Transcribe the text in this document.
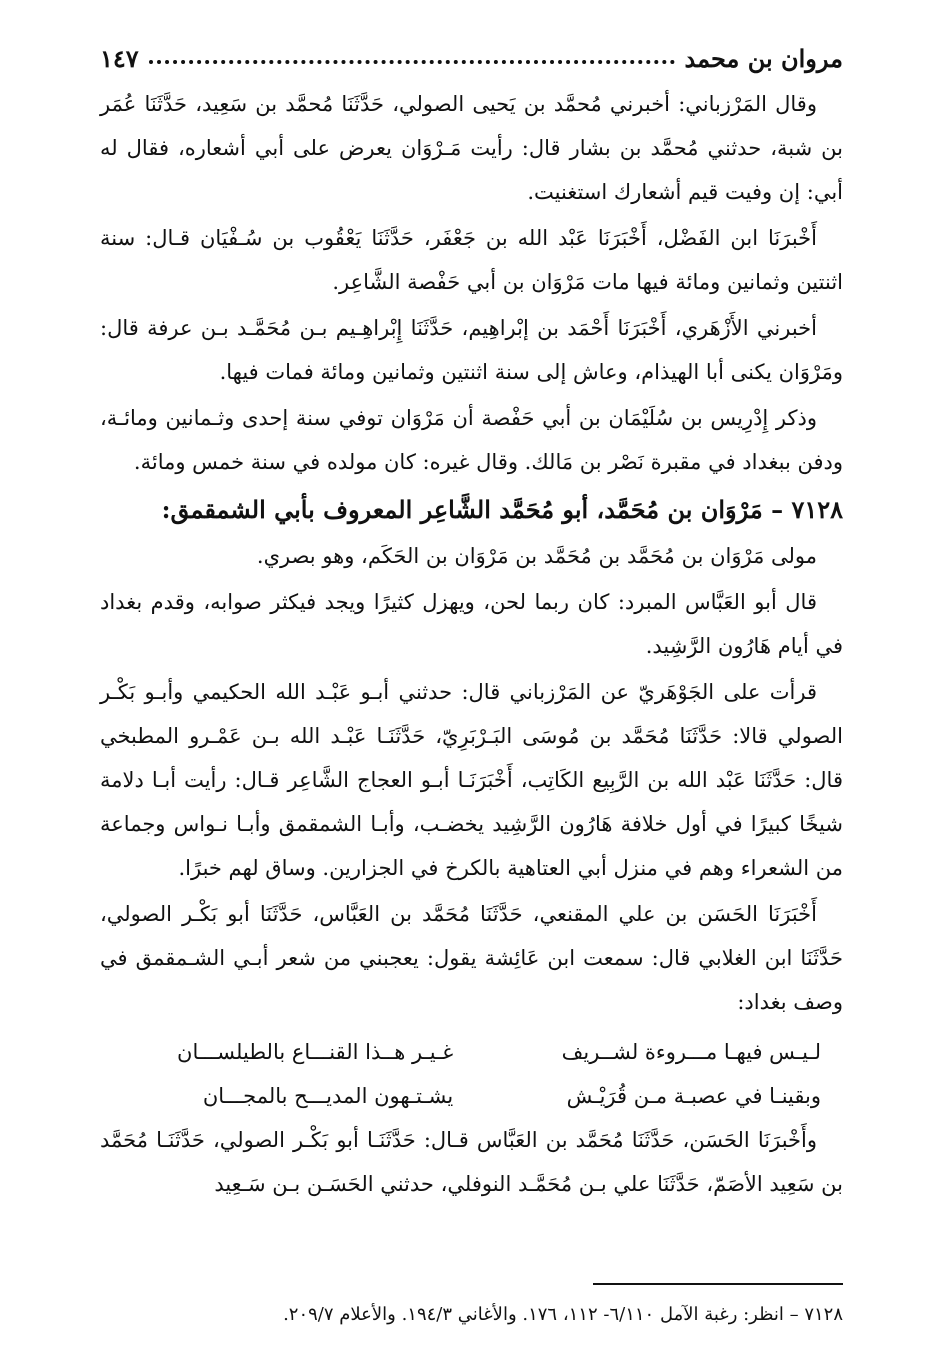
مروان بن محمد
١٤٧

وقال المَرْزباني: أخبرني مُحمَّد بن يَحيى الصولي، حَدَّثَنَا مُحمَّد بن سَعِيد، حَدَّثَنَا عُمَر بن شبة، حدثني مُحمَّد بن بشار قال: رأيت مَـرْوَان يعرض على أبي أشعاره، فقال له أبي: إن وفيت قيم أشعارك استغنيت.

أَخْبرَنَا ابن الفَضْل، أَخْبَرَنَا عَبْد الله بن جَعْفَر، حَدَّثَنَا يَعْقُوب بن سُـفْيَان قـال: سنة اثنتين وثمانين ومائة فيها مات مَرْوَان بن أبي حَفْصة الشَّاعِر.

أخبرني الأَزْهَري، أَخْبَرَنَا أَحْمَد بن إبْراهِيم، حَدَّثَنَا إِبْراهِـيم بـن مُحَمَّـد بـن عرفة قال: ومَرْوَان يكنى أبا الهيذام، وعاش إلى سنة اثنتين وثمانين ومائة فمات فيها.

وذكر إِدْرِيس بن سُلَيْمَان بن أبي حَفْصة أن مَرْوَان توفي سنة إحدى وثـمانين ومائـة، ودفن ببغداد في مقبرة نَصْر بن مَالك. وقال غيره: كان مولده في سنة خمس ومائة.

٧١٢٨ – مَرْوَان بن مُحَمَّد، أبو مُحَمَّد الشَّاعِر المعروف بأبي الشمقمق:

مولى مَرْوَان بن مُحَمَّد بن مُحَمَّد بن مَرْوَان بن الحَكَم، وهو بصري.

قال أبو العَبَّاس المبرد: كان ربما لحن، ويهزل كثيرًا ويجد فيكثر صوابه، وقدم بغداد في أيام هَارُون الرَّشِيد.

قرأت على الجَوْهَريّ عن المَرْزباني قال: حدثني أبـو عَبْـد الله الحكيمي وأبـو بَكْـر الصولي قالا: حَدَّثَنَا مُحَمَّد بن مُوسَى البَـرْبَرِيّ، حَدَّثَنَـا عَبْـد الله بـن عَمْـرو المطبخي قال: حَدَّثَنَا عَبْد الله بن الرَّبِيع الكَاتِب، أَخْبَرَنَـا أبـو العجاج الشَّاعِر قـال: رأيت أبـا دلامة شيخًا كبيرًا في أول خلافة هَارُون الرَّشِيد يخضـب، وأبـا الشمقمق وأبـا نـواس وجماعة من الشعراء وهم في منزل أبي العتاهية بالكرخ في الجزارين. وساق لهم خبرًا.

أَخْبَرَنَا الحَسَن بن علي المقنعي، حَدَّثَنَا مُحَمَّد بن العَبَّاس، حَدَّثَنَا أبو بَكْـر الصولي، حَدَّثَنَا ابن الغلابي قال: سمعت ابن عَائِشة يقول: يعجبني من شعر أبـي الشـمقمق في وصف بغداد:

لـيـس فيهـا مـــروءة لشــريف
غـيـر هــذا القنـــاع بالطيلســـان
وبقينـا في عصبـة مـن قُرَيْـش
يشـتـهون المديـــح بالمجـــان

وأَخْبرَنَا الحَسَن، حَدَّثَنَا مُحَمَّد بن العَبَّاس قـال: حَدَّثَنَـا أبو بَكْـر الصولي، حَدَّثَنَـا مُحَمَّد بن سَعِيد الأصَمّ، حَدَّثَنَا علي بـن مُحَمَّـد النوفلي، حدثني الحَسَـن بـن سَـعِيد

٧١٢٨ – انظر: رغبة الآمل ٦/١١٠- ١١٢، ١٧٦. والأغاني ١٩٤/٣. والأعلام ٢٠٩/٧.
